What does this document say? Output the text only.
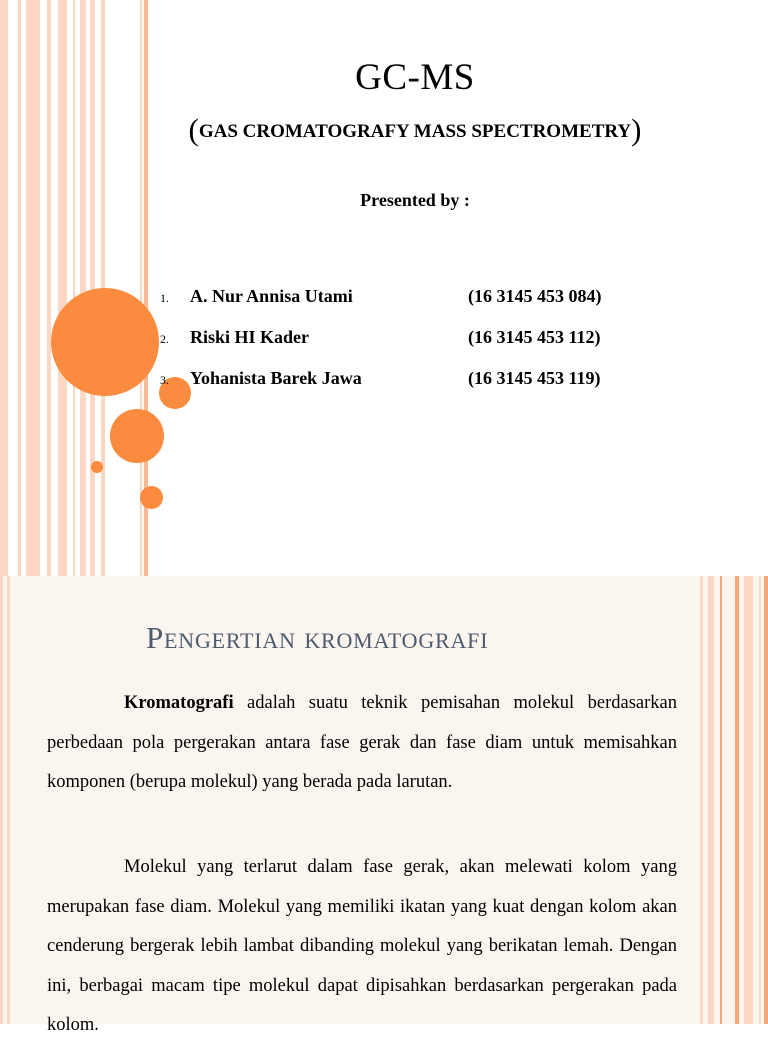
GC-MS
(GAS CROMATOGRAFY MASS SPECTROMETRY)
Presented by :
1. A. Nur Annisa Utami	(16 3145 453 084)
2. Riski HI Kader	(16 3145 453 112)
3. Yohanista Barek Jawa	(16 3145 453 119)
Pengertian kromatografi

Kromatografi adalah suatu teknik pemisahan molekul berdasarkan perbedaan pola pergerakan antara fase gerak dan fase diam untuk memisahkan komponen (berupa molekul) yang berada pada larutan.

Molekul yang terlarut dalam fase gerak, akan melewati kolom yang merupakan fase diam. Molekul yang memiliki ikatan yang kuat dengan kolom akan cenderung bergerak lebih lambat dibanding molekul yang berikatan lemah. Dengan ini, berbagai macam tipe molekul dapat dipisahkan berdasarkan pergerakan pada kolom.
